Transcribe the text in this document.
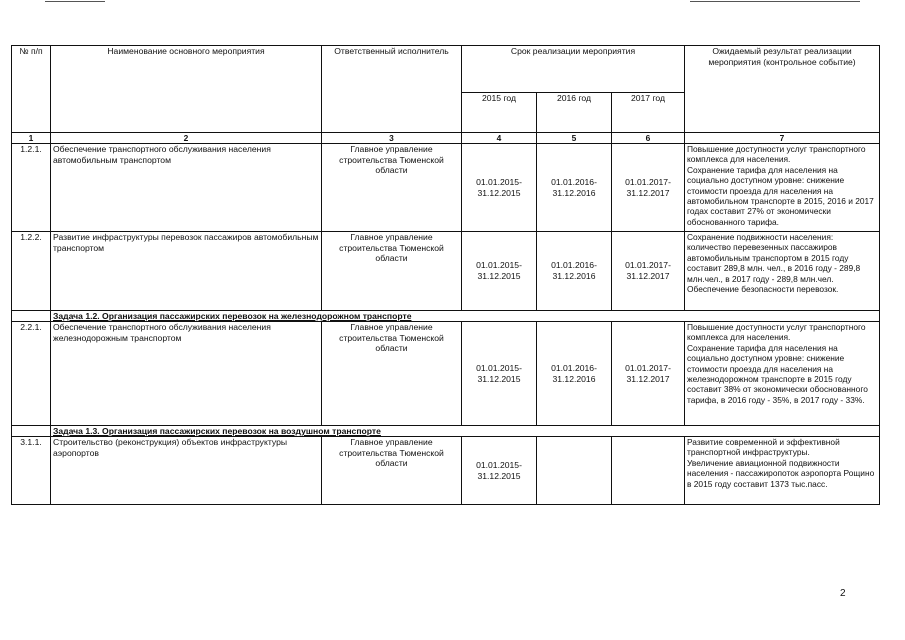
№ п/п	Наименование основного мероприятия	Ответственный исполнитель	Срок реализации мероприятия			Ожидаемый результат реализации мероприятия (контрольное событие)
			2015 год	2016 год	2017 год	
1	2	3	4	5	6	7
1.2.1.	Обеспечение транспортного обслуживания населения автомобильным транспортом	Главное управление строительства Тюменской области	01.01.2015-
31.12.2015	01.01.2016-
31.12.2016	01.01.2017-
31.12.2017	Повышение доступности услуг транспортного комплекса для населения.
Сохранение тарифа для населения на социально доступном уровне: снижение стоимости проезда для населения на автомобильном транспорте в 2015, 2016 и 2017 годах составит 27% от экономически обоснованного тарифа.
1.2.2.	Развитие инфраструктуры перевозок пассажиров автомобильным транспортом	Главное управление строительства Тюменской области	01.01.2015-
31.12.2015	01.01.2016-
31.12.2016	01.01.2017-
31.12.2017	Сохранение подвижности населения: количество перевезенных пассажиров автомобильным транспортом в 2015 году составит 289,8 млн. чел., в 2016 году - 289,8 млн.чел., в 2017 году - 289,8 млн.чел.
Обеспечение безопасности перевозок.
	Задача 1.2. Организация пассажирских перевозок на железнодорожном транспорте					
2.2.1.	Обеспечение транспортного обслуживания населения железнодорожным транспортом	Главное управление строительства Тюменской области	01.01.2015-
31.12.2015	01.01.2016-
31.12.2016	01.01.2017-
31.12.2017	Повышение доступности услуг транспортного комплекса для населения.
Сохранение тарифа для населения на социально доступном уровне: снижение стоимости проезда для населения на железнодорожном транспорте в 2015 году составит 38% от экономически обоснованного тарифа, в 2016 году - 35%, в 2017 году - 33%.
	Задача 1.3. Организация пассажирских перевозок на воздушном транспорте					
3.1.1.	Строительство (реконструкция) объектов инфраструктуры аэропортов	Главное управление строительства Тюменской области	01.01.2015-
31.12.2015			Развитие современной и эффективной транспортной инфраструктуры.
Увеличение авиационной подвижности населения - пассажиропоток аэропорта Рощино в 2015 году составит 1373 тыс.пасс.
2
